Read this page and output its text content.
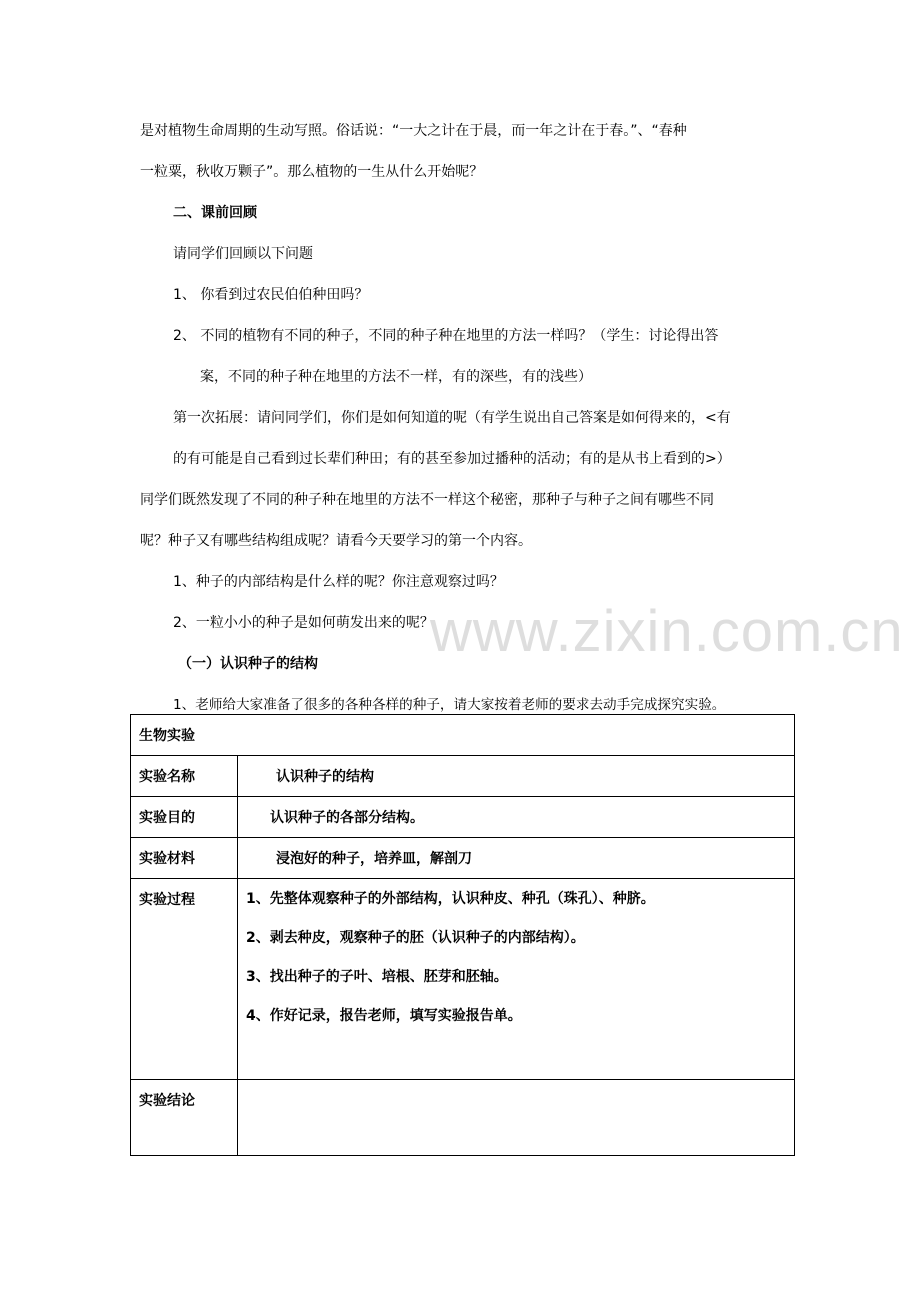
www.zixin.com.cn
是对植物生命周期的生动写照。俗话说：“一大之计在于晨，而一年之计在于春。”、“春种
一粒粟，秋收万颗子”。那么植物的一生从什么开始呢？
二、课前回顾
请同学们回顾以下问题
1、 你看到过农民伯伯种田吗？
2、 不同的植物有不同的种子，不同的种子种在地里的方法一样吗？（学生：讨论得出答
案，不同的种子种在地里的方法不一样，有的深些，有的浅些）
第一次拓展：请问同学们，你们是如何知道的呢（有学生说出自己答案是如何得来的，<有
的有可能是自己看到过长辈们种田；有的甚至参加过播种的活动；有的是从书上看到的>）
同学们既然发现了不同的种子种在地里的方法不一样这个秘密，那种子与种子之间有哪些不同
呢？种子又有哪些结构组成呢？请看今天要学习的第一个内容。
1、种子的内部结构是什么样的呢？你注意观察过吗？
2、一粒小小的种子是如何萌发出来的呢？
（一）认识种子的结构
1、老师给大家准备了很多的各种各样的种子，请大家按着老师的要求去动手完成探究实验。
生物实验	

实验名称	认识种子的结构

实验目的	认识种子的各部分结构。

实验材料	浸泡好的种子，培养皿，解剖刀

实验过程	1、先整体观察种子的外部结构，认识种皮、种孔（珠孔）、种脐。
2、剥去种皮，观察种子的胚（认识种子的内部结构）。
3、找出种子的子叶、培根、胚芽和胚轴。
4、作好记录，报告老师，填写实验报告单。

实验结论	
